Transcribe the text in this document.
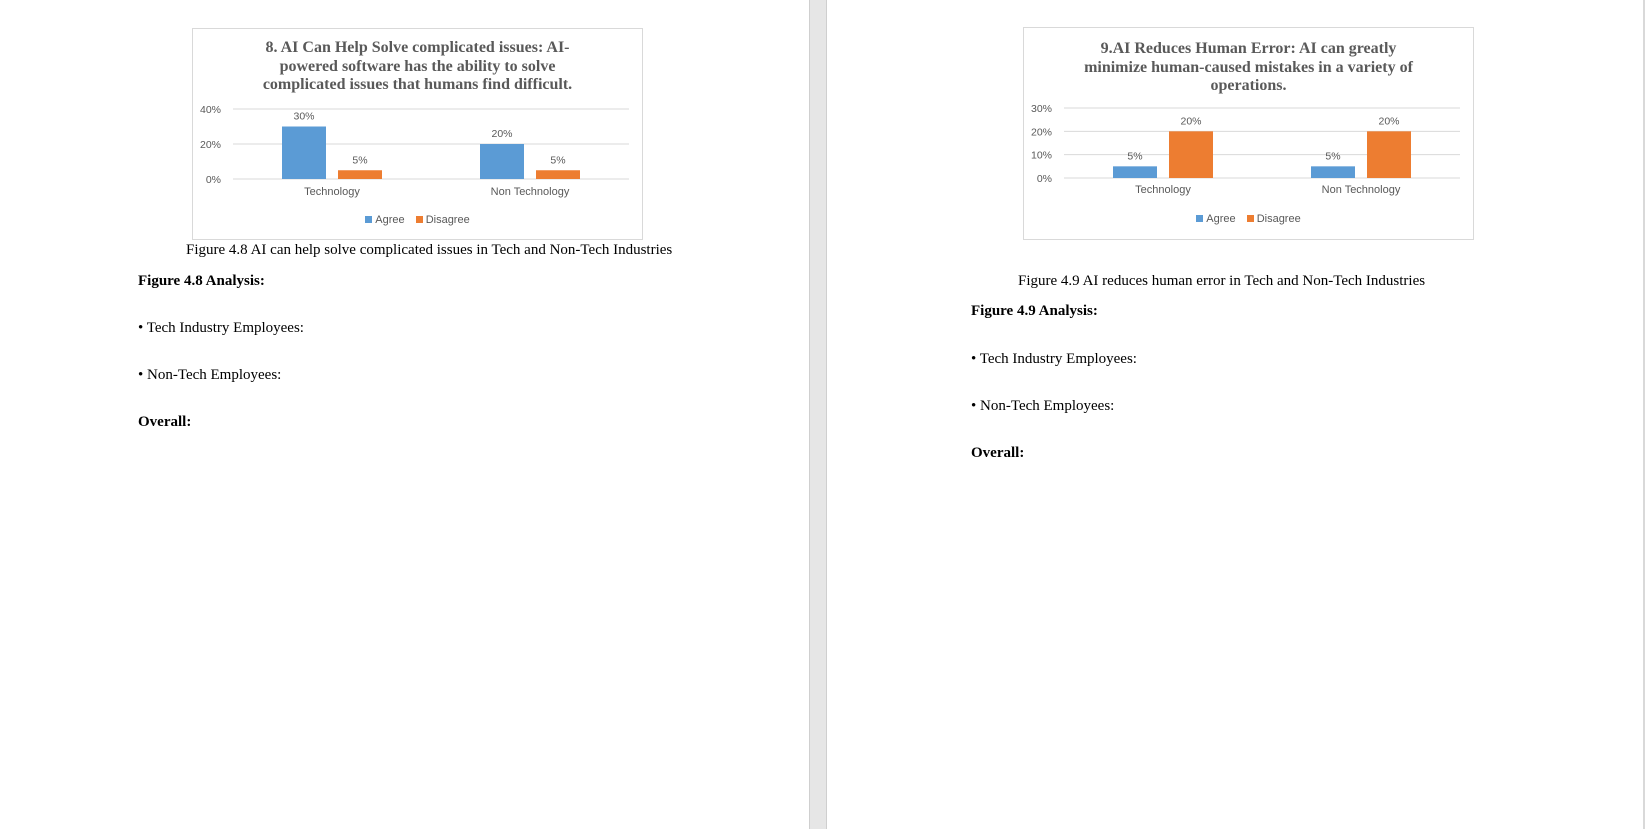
8. AI Can Help Solve complicated issues: AI-
powered software has the ability to solve
complicated issues that humans find difficult.
0%
20%
40%
30%
5%
Technology
20%
5%
Non Technology
Agree Disagree
Figure 4.8 AI can help solve complicated issues in Tech and Non-Tech Industries
Figure 4.8 Analysis:
• Tech Industry Employees:
• Non-Tech Employees:
Overall:
9.AI Reduces Human Error: AI can greatly
minimize human-caused mistakes in a variety of
operations.
0%
10%
20%
30%
5%
20%
Technology
5%
20%
Non Technology
Agree Disagree
Figure 4.9 AI reduces human error in Tech and Non-Tech Industries
Figure 4.9 Analysis:
• Tech Industry Employees:
• Non-Tech Employees:
Overall:
